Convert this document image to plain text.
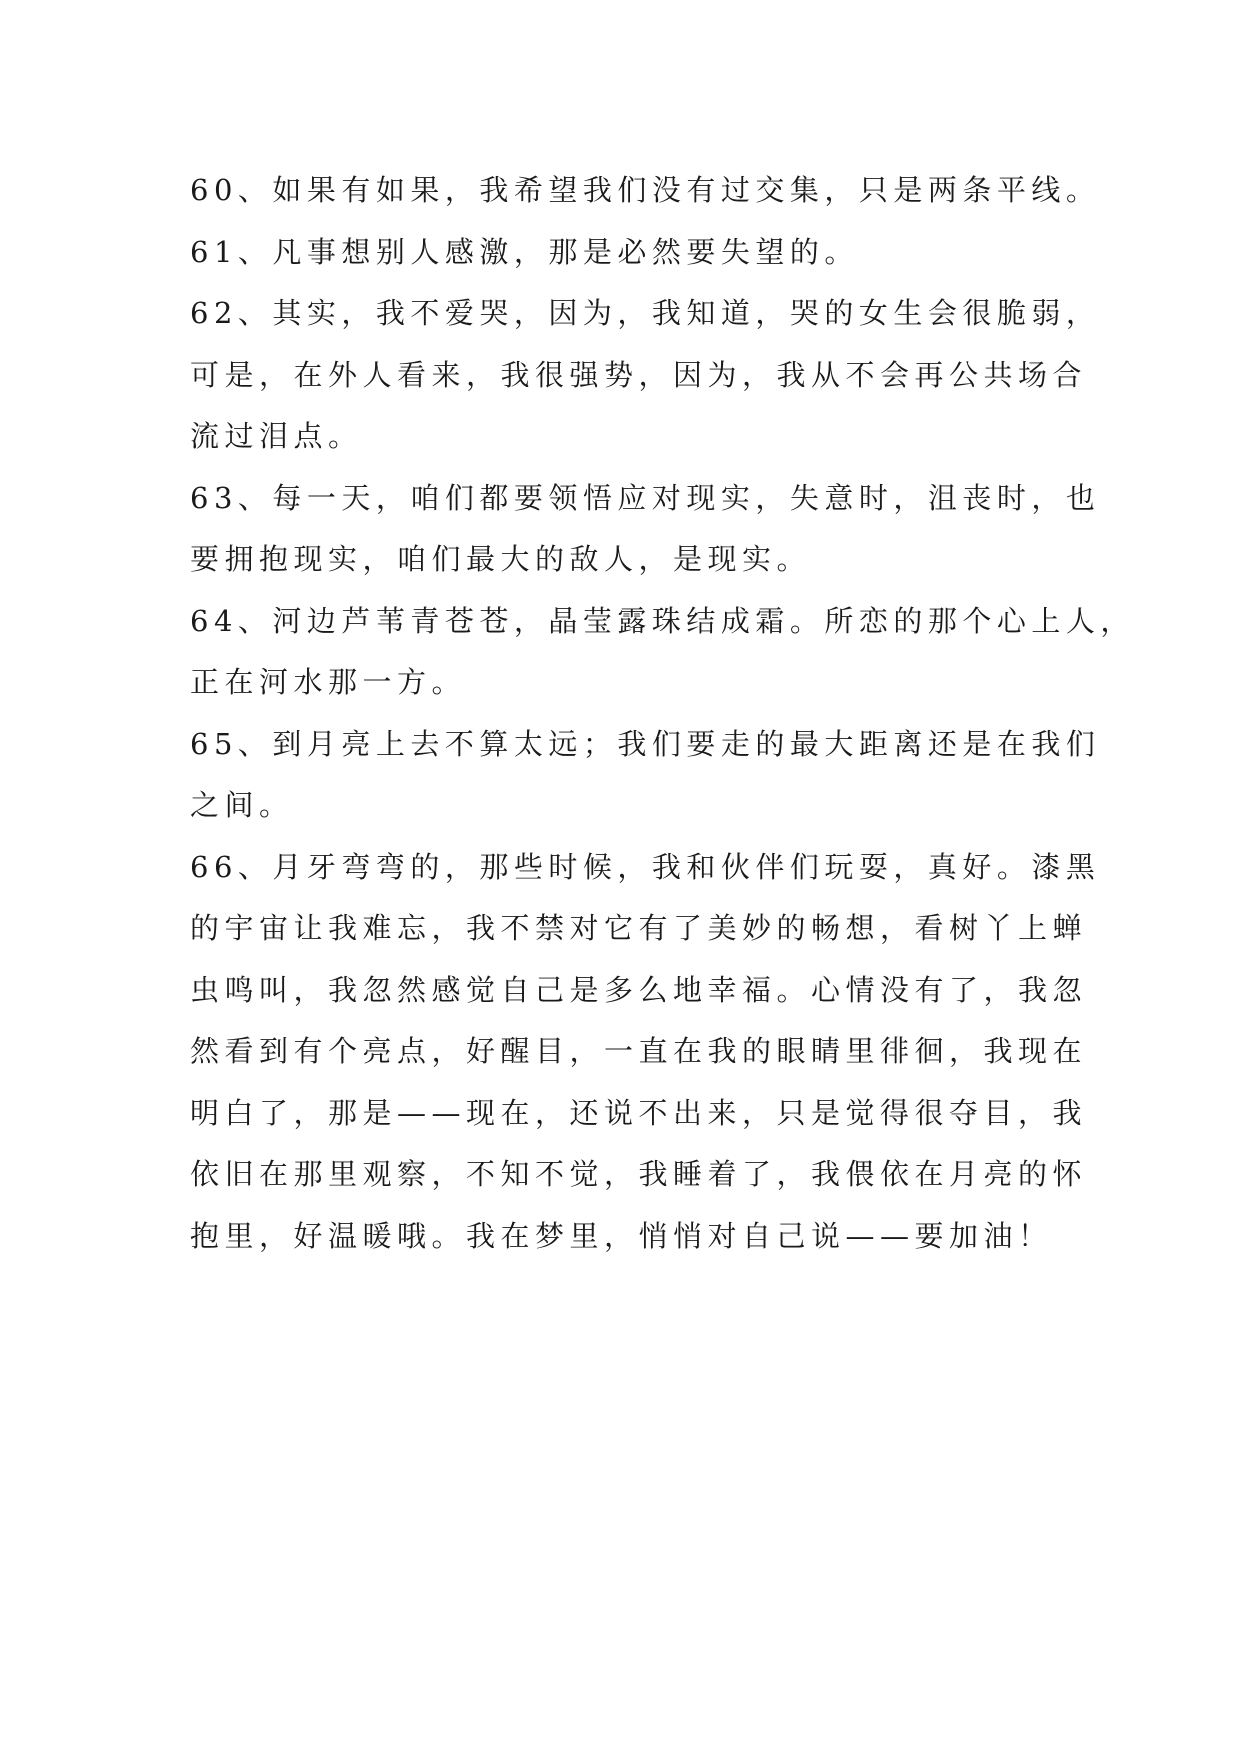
60、如果有如果，我希望我们没有过交集，只是两条平线。
61、凡事想别人感激，那是必然要失望的。
62、其实，我不爱哭，因为，我知道，哭的女生会很脆弱，
可是，在外人看来，我很强势，因为，我从不会再公共场合
流过泪点。
63、每一天，咱们都要领悟应对现实，失意时，沮丧时，也
要拥抱现实，咱们最大的敌人，是现实。
64、河边芦苇青苍苍，晶莹露珠结成霜。所恋的那个心上人，
正在河水那一方。
65、到月亮上去不算太远；我们要走的最大距离还是在我们
之间。
66、月牙弯弯的，那些时候，我和伙伴们玩耍，真好。漆黑
的宇宙让我难忘，我不禁对它有了美妙的畅想，看树丫上蝉
虫鸣叫，我忽然感觉自己是多么地幸福。心情没有了，我忽
然看到有个亮点，好醒目，一直在我的眼睛里徘徊，我现在
明白了，那是——现在，还说不出来，只是觉得很夺目，我
依旧在那里观察，不知不觉，我睡着了，我偎依在月亮的怀
抱里，好温暖哦。我在梦里，悄悄对自己说——要加油！
